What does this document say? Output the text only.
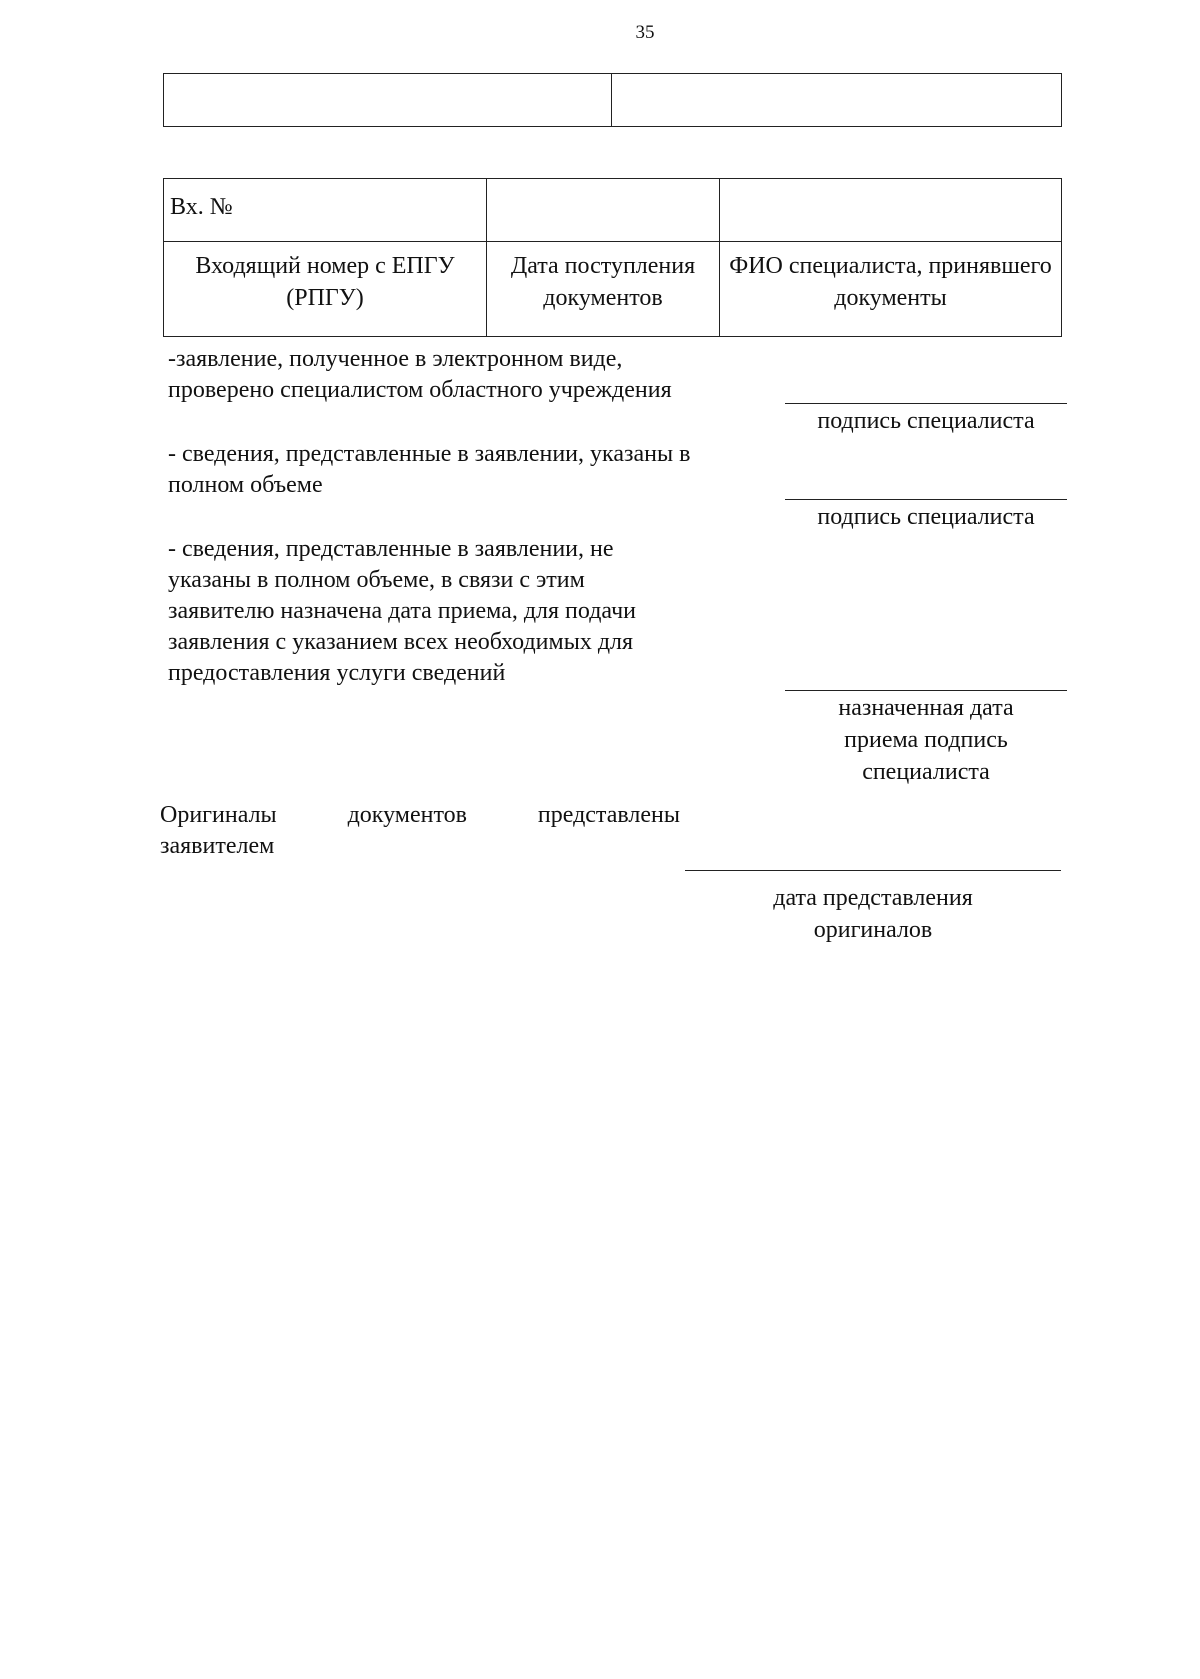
35

Вх. №		
Входящий номер с ЕПГУ (РПГУ)	Дата поступления документов	ФИО специалиста, принявшего документы
-заявление, полученное в электронном виде,
проверено специалистом областного учреждения
подпись специалиста
- сведения, представленные в заявлении, указаны в
полном объеме
подпись специалиста
- сведения, представленные в заявлении, не
указаны в полном объеме, в связи с этим
заявителю назначена дата приема, для подачи
заявления с указанием всех необходимых для
предоставления услуги сведений
назначенная дата
приема подпись
специалиста
Оригиналы	документов	представлены
заявителем
дата представления
оригиналов
